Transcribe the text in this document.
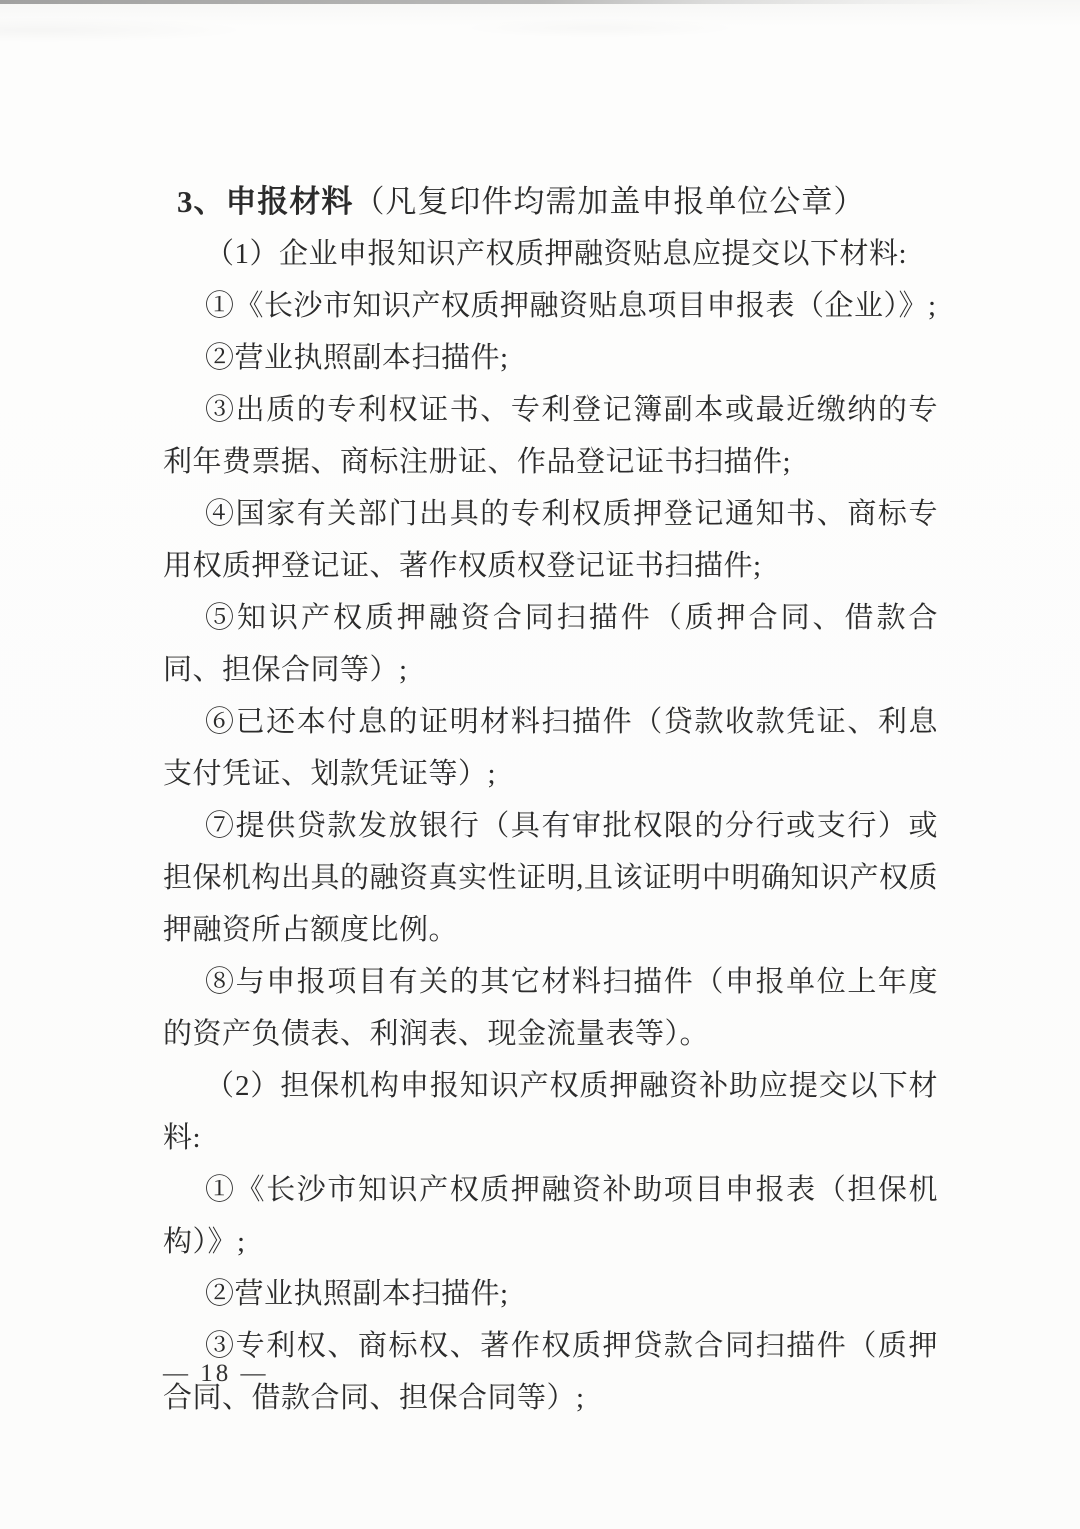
3、申报材料（凡复印件均需加盖申报单位公章）

（1）企业申报知识产权质押融资贴息应提交以下材料:

①《长沙市知识产权质押融资贴息项目申报表（企业）》;

②营业执照副本扫描件;

③出质的专利权证书、专利登记簿副本或最近缴纳的专利年费票据、商标注册证、作品登记证书扫描件;

④国家有关部门出具的专利权质押登记通知书、商标专用权质押登记证、著作权质权登记证书扫描件;

⑤知识产权质押融资合同扫描件（质押合同、借款合同、担保合同等）;

⑥已还本付息的证明材料扫描件（贷款收款凭证、利息支付凭证、划款凭证等）;

⑦提供贷款发放银行（具有审批权限的分行或支行）或担保机构出具的融资真实性证明,且该证明中明确知识产权质押融资所占额度比例。

⑧与申报项目有关的其它材料扫描件（申报单位上年度的资产负债表、利润表、现金流量表等）。

（2）担保机构申报知识产权质押融资补助应提交以下材料:

①《长沙市知识产权质押融资补助项目申报表（担保机构）》;

②营业执照副本扫描件;

③专利权、商标权、著作权质押贷款合同扫描件（质押合同、借款合同、担保合同等）;

— 18 —
